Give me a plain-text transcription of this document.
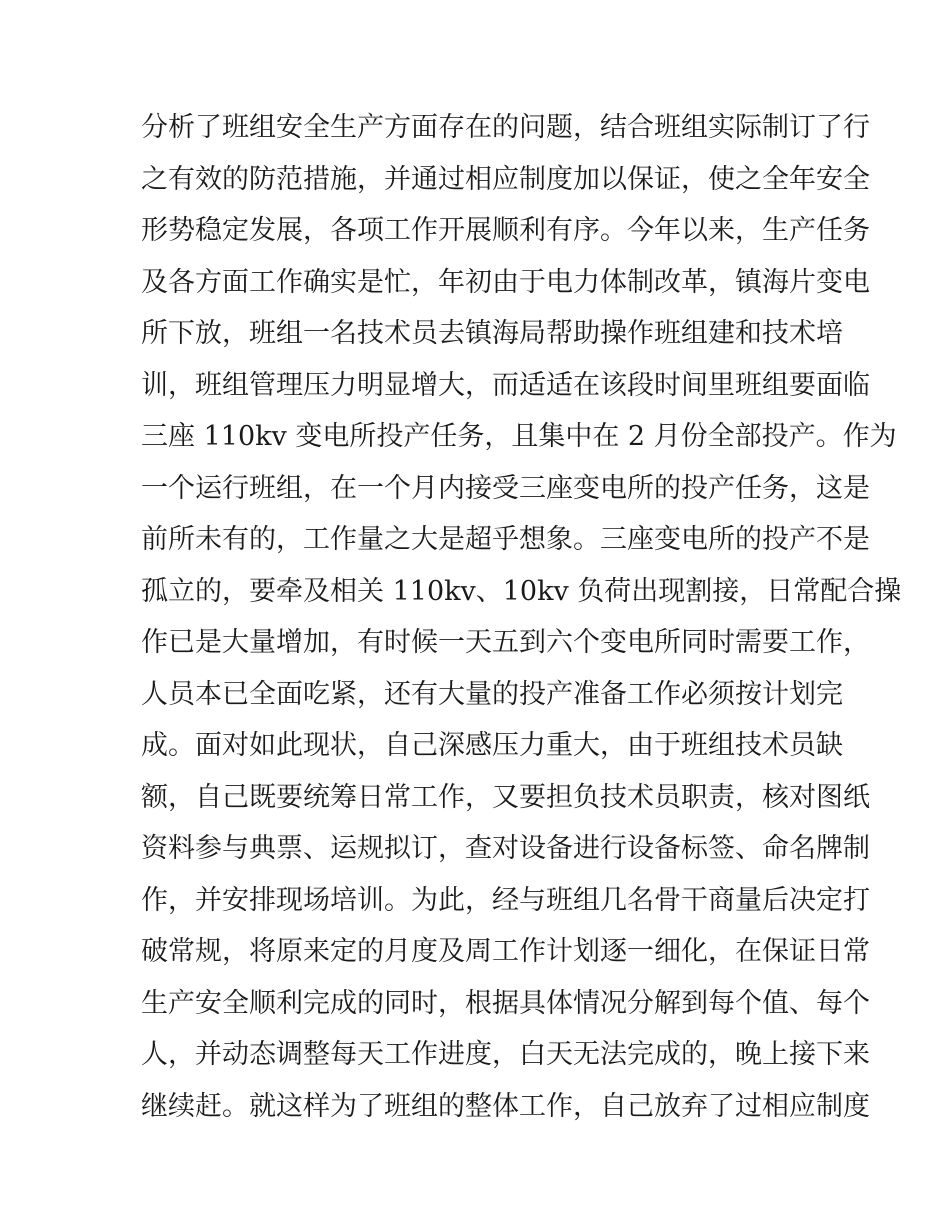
分析了班组安全生产方面存在的问题，结合班组实际制订了行
之有效的防范措施，并通过相应制度加以保证，使之全年安全
形势稳定发展，各项工作开展顺利有序。今年以来，生产任务
及各方面工作确实是忙，年初由于电力体制改革，镇海片变电
所下放，班组一名技术员去镇海局帮助操作班组建和技术培
训，班组管理压力明显增大，而适适在该段时间里班组要面临
三座 110kv 变电所投产任务，且集中在 2 月份全部投产。作为
一个运行班组，在一个月内接受三座变电所的投产任务，这是
前所未有的，工作量之大是超乎想象。三座变电所的投产不是
孤立的，要牵及相关 110kv、10kv 负荷出现割接，日常配合操
作已是大量增加，有时候一天五到六个变电所同时需要工作，
人员本已全面吃紧，还有大量的投产准备工作必须按计划完
成。面对如此现状，自己深感压力重大，由于班组技术员缺
额，自己既要统筹日常工作，又要担负技术员职责，核对图纸
资料参与典票、运规拟订，查对设备进行设备标签、命名牌制
作，并安排现场培训。为此，经与班组几名骨干商量后决定打
破常规，将原来定的月度及周工作计划逐一细化，在保证日常
生产安全顺利完成的同时，根据具体情况分解到每个值、每个
人，并动态调整每天工作进度，白天无法完成的，晚上接下来
继续赶。就这样为了班组的整体工作，自己放弃了过相应制度
